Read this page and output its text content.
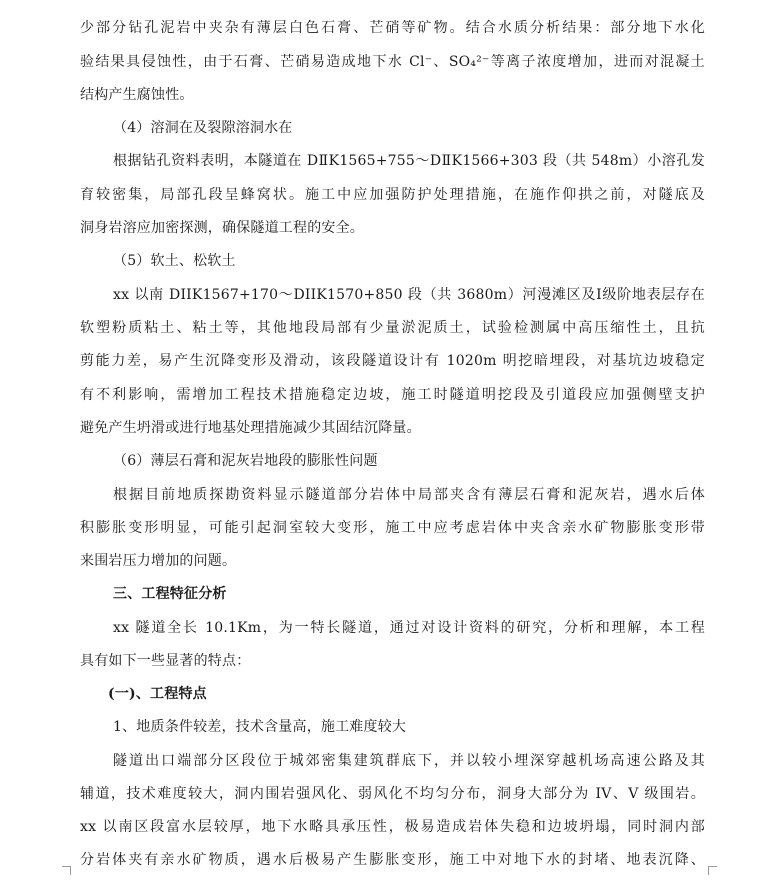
少部分钻孔泥岩中夹杂有薄层白色石膏、芒硝等矿物。结合水质分析结果：部分地下水化
验结果具侵蚀性，由于石膏、芒硝易造成地下水 Cl⁻、SO₄²⁻等离子浓度增加，进而对混凝土
结构产生腐蚀性。
（4）溶洞在及裂隙溶洞水在
根据钻孔资料表明，本隧道在 DⅡK1565+755～DⅡK1566+303 段（共 548m）小溶孔发
育较密集，局部孔段呈蜂窝状。施工中应加强防护处理措施，在施作仰拱之前，对隧底及
洞身岩溶应加密探测，确保隧道工程的安全。
（5）软土、松软土
xx 以南 DIIK1567+170～DIIK1570+850 段（共 3680m）河漫滩区及Ⅰ级阶地表层存在
软塑粉质粘土、粘土等，其他地段局部有少量淤泥质土，试验检测属中高压缩性土，且抗
剪能力差，易产生沉降变形及滑动，该段隧道设计有 1020m 明挖暗埋段，对基坑边坡稳定
有不利影响，需增加工程技术措施稳定边坡，施工时隧道明挖段及引道段应加强侧壁支护
避免产生坍滑或进行地基处理措施减少其固结沉降量。
（6）薄层石膏和泥灰岩地段的膨胀性问题
根据目前地质探勘资料显示隧道部分岩体中局部夹含有薄层石膏和泥灰岩，遇水后体
积膨胀变形明显，可能引起洞室较大变形，施工中应考虑岩体中夹含亲水矿物膨胀变形带
来围岩压力增加的问题。
三、工程特征分析
xx 隧道全长 10.1Km，为一特长隧道，通过对设计资料的研究，分析和理解，本工程
具有如下一些显著的特点：
(一)、工程特点
1、地质条件较差，技术含量高，施工难度较大
隧道出口端部分区段位于城郊密集建筑群底下，并以较小埋深穿越机场高速公路及其
辅道，技术难度较大，洞内围岩强风化、弱风化不均匀分布，洞身大部分为 IV、V 级围岩。
xx 以南区段富水层较厚，地下水略具承压性，极易造成岩体失稳和边坡坍塌，同时洞内部
分岩体夹有亲水矿物质，遇水后极易产生膨胀变形，施工中对地下水的封堵、地表沉降、
